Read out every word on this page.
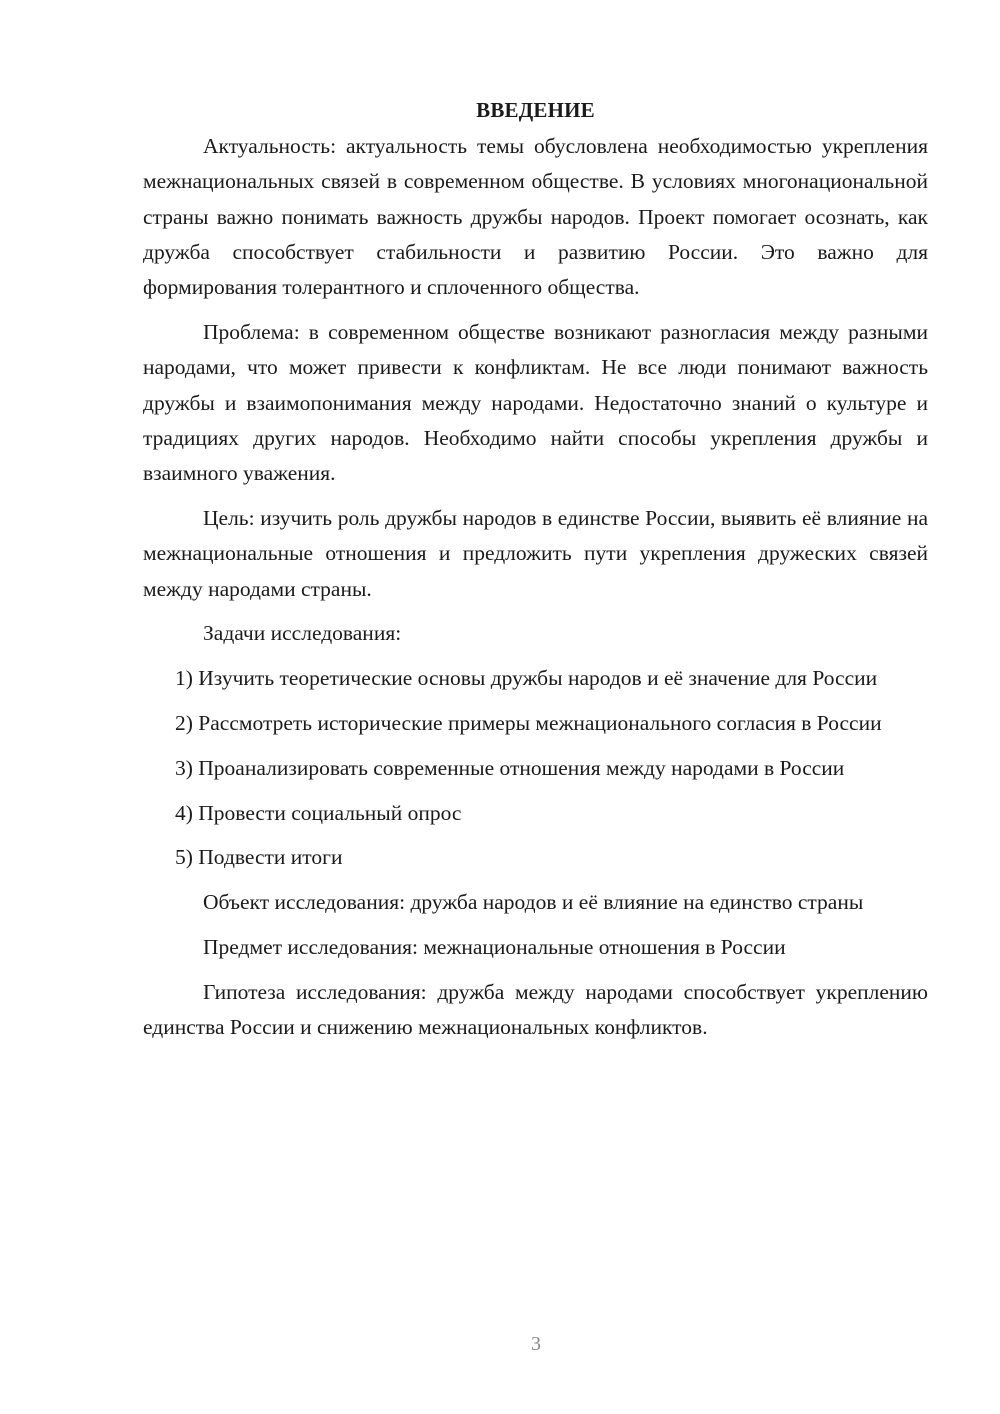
ВВЕДЕНИЕ

Актуальность: актуальность темы обусловлена необходимостью укрепления межнациональных связей в современном обществе. В условиях многонациональной страны важно понимать важность дружбы народов. Проект помогает осознать, как дружба способствует стабильности и развитию России. Это важно для формирования толерантного и сплоченного общества.

Проблема: в современном обществе возникают разногласия между разными народами, что может привести к конфликтам. Не все люди понимают важность дружбы и взаимопонимания между народами. Недостаточно знаний о культуре и традициях других народов. Необходимо найти способы укрепления дружбы и взаимного уважения.

Цель: изучить роль дружбы народов в единстве России, выявить её влияние на межнациональные отношения и предложить пути укрепления дружеских связей между народами страны.

Задачи исследования:

1) Изучить теоретические основы дружбы народов и её значение для России

2) Рассмотреть исторические примеры межнационального согласия в России

3) Проанализировать современные отношения между народами в России

4) Провести социальный опрос

5) Подвести итоги

Объект исследования: дружба народов и её влияние на единство страны

Предмет исследования: межнациональные отношения в России

Гипотеза исследования: дружба между народами способствует укреплению единства России и снижению межнациональных конфликтов.

3
